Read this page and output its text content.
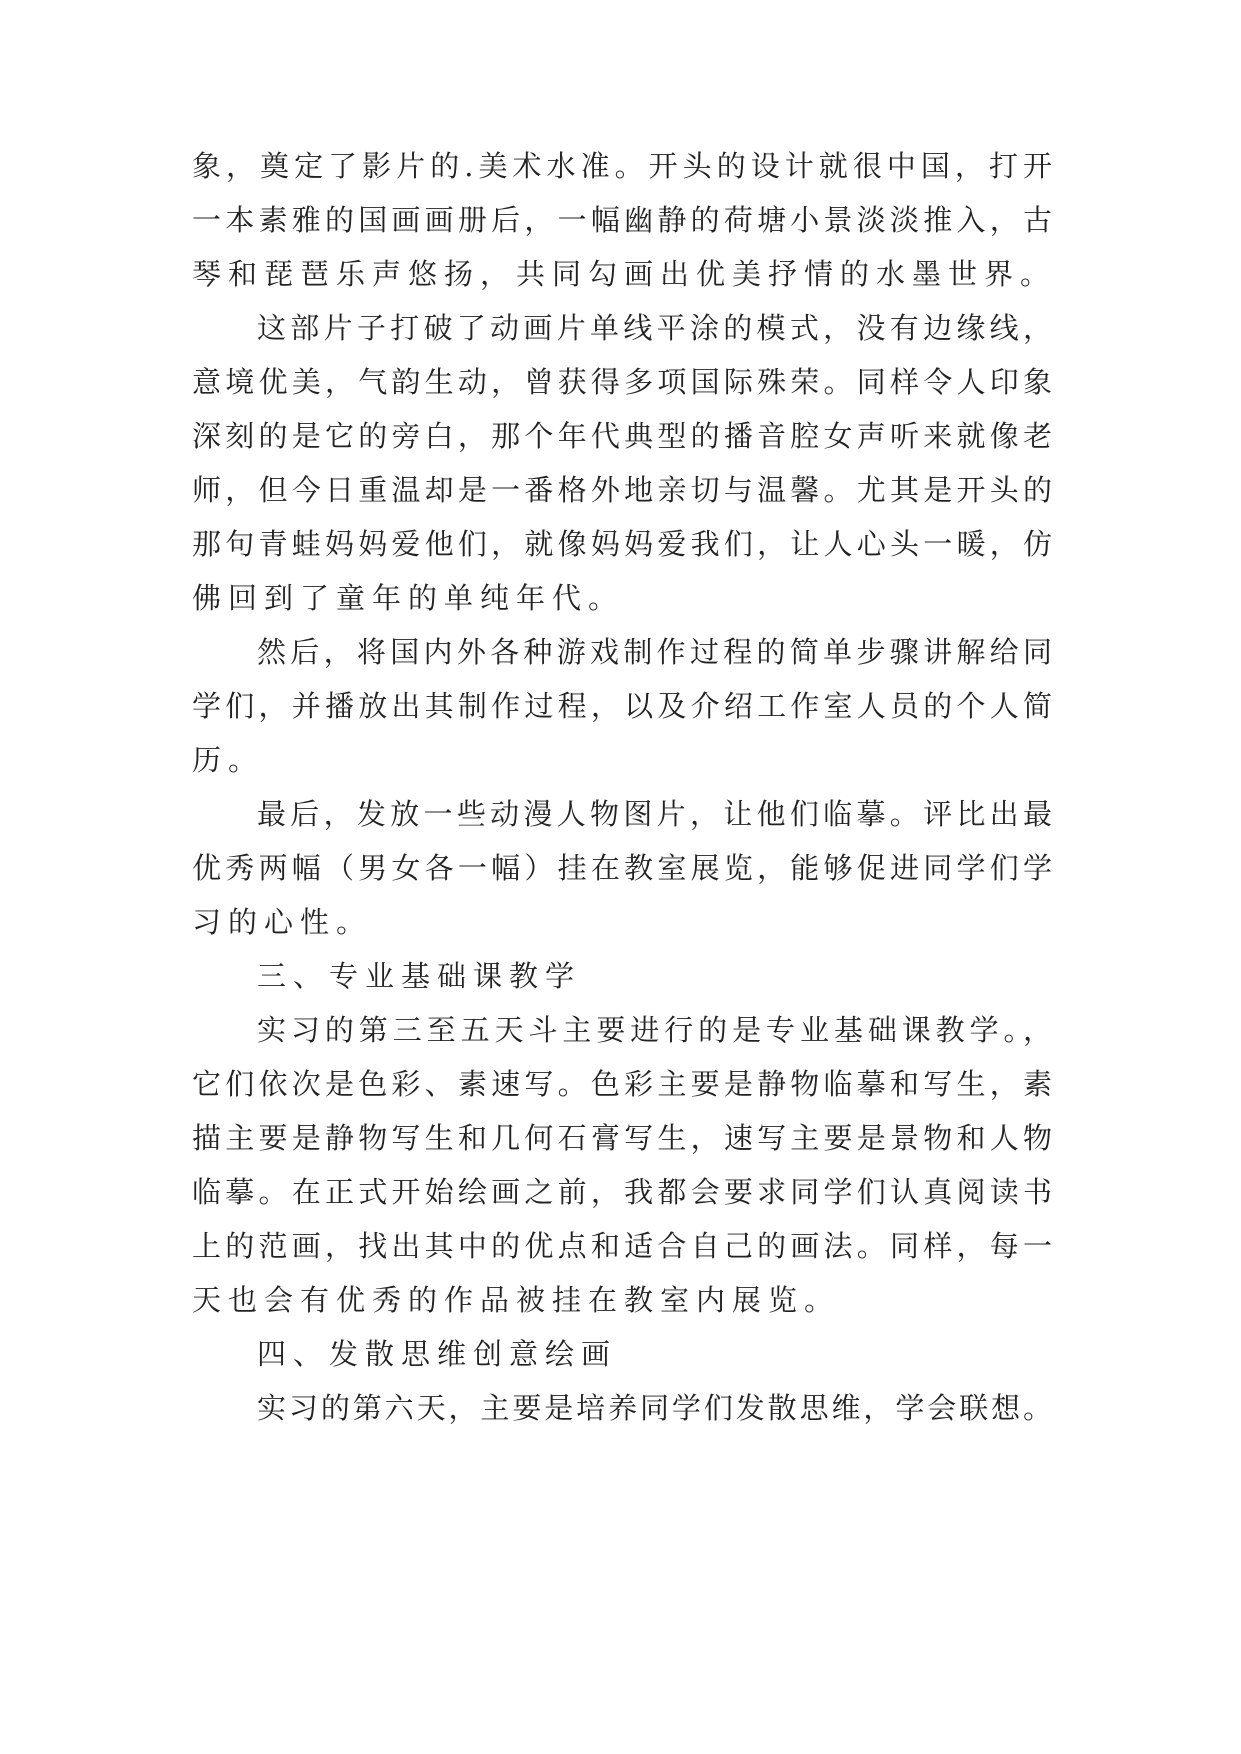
象，奠定了影片的.美术水准。开头的设计就很中国，打开
一本素雅的国画画册后，一幅幽静的荷塘小景淡淡推入，古
琴和琵琶乐声悠扬，共同勾画出优美抒情的水墨世界。
这部片子打破了动画片单线平涂的模式，没有边缘线，
意境优美，气韵生动，曾获得多项国际殊荣。同样令人印象
深刻的是它的旁白，那个年代典型的播音腔女声听来就像老
师，但今日重温却是一番格外地亲切与温馨。尤其是开头的
那句青蛙妈妈爱他们，就像妈妈爱我们，让人心头一暖，仿
佛回到了童年的单纯年代。
然后，将国内外各种游戏制作过程的简单步骤讲解给同
学们，并播放出其制作过程，以及介绍工作室人员的个人简
历。
最后，发放一些动漫人物图片，让他们临摹。评比出最
优秀两幅（男女各一幅）挂在教室展览，能够促进同学们学
习的心性。
三、专业基础课教学
实习的第三至五天斗主要进行的是专业基础课教学。，
它们依次是色彩、素速写。色彩主要是静物临摹和写生，素
描主要是静物写生和几何石膏写生，速写主要是景物和人物
临摹。在正式开始绘画之前，我都会要求同学们认真阅读书
上的范画，找出其中的优点和适合自己的画法。同样，每一
天也会有优秀的作品被挂在教室内展览。
四、发散思维创意绘画
实习的第六天，主要是培养同学们发散思维，学会联想。
